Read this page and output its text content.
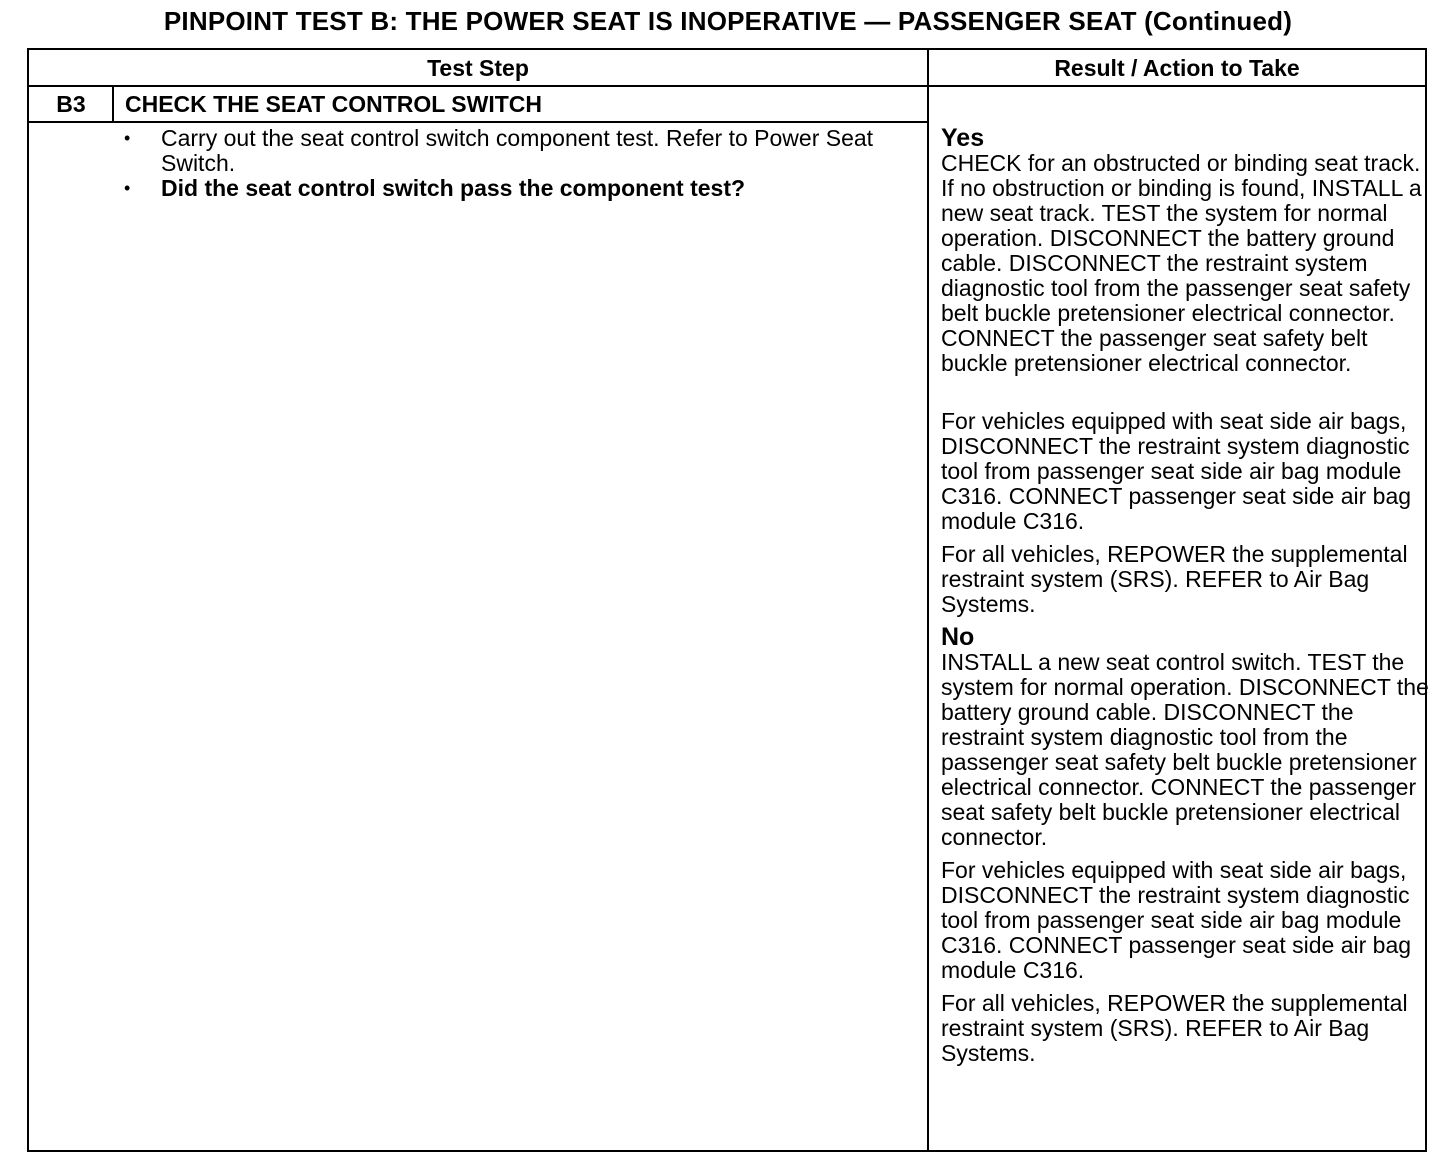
PINPOINT TEST B: THE POWER SEAT IS INOPERATIVE — PASSENGER SEAT (Continued)
Test Step	Result / Action to Take
B3	CHECK THE SEAT CONTROL SWITCH
• Carry out the seat control switch component test. Refer to Power Seat Switch.
• Did the seat control switch pass the component test?
Yes

CHECK for an obstructed or binding seat track. If no obstruction or binding is found, INSTALL a new seat track. TEST the system for normal operation. DISCONNECT the battery ground cable. DISCONNECT the restraint system diagnostic tool from the passenger seat safety belt buckle pretensioner electrical connector. CONNECT the passenger seat safety belt buckle pretensioner electrical connector.

For vehicles equipped with seat side air bags, DISCONNECT the restraint system diagnostic tool from passenger seat side air bag module C316. CONNECT passenger seat side air bag module C316.

For all vehicles, REPOWER the supplemental restraint system (SRS). REFER to Air Bag Systems.

No

INSTALL a new seat control switch. TEST the system for normal operation. DISCONNECT the battery ground cable. DISCONNECT the restraint system diagnostic tool from the passenger seat safety belt buckle pretensioner electrical connector. CONNECT the passenger seat safety belt buckle pretensioner electrical connector.

For vehicles equipped with seat side air bags, DISCONNECT the restraint system diagnostic tool from passenger seat side air bag module C316. CONNECT passenger seat side air bag module C316.

For all vehicles, REPOWER the supplemental restraint system (SRS). REFER to Air Bag Systems.
